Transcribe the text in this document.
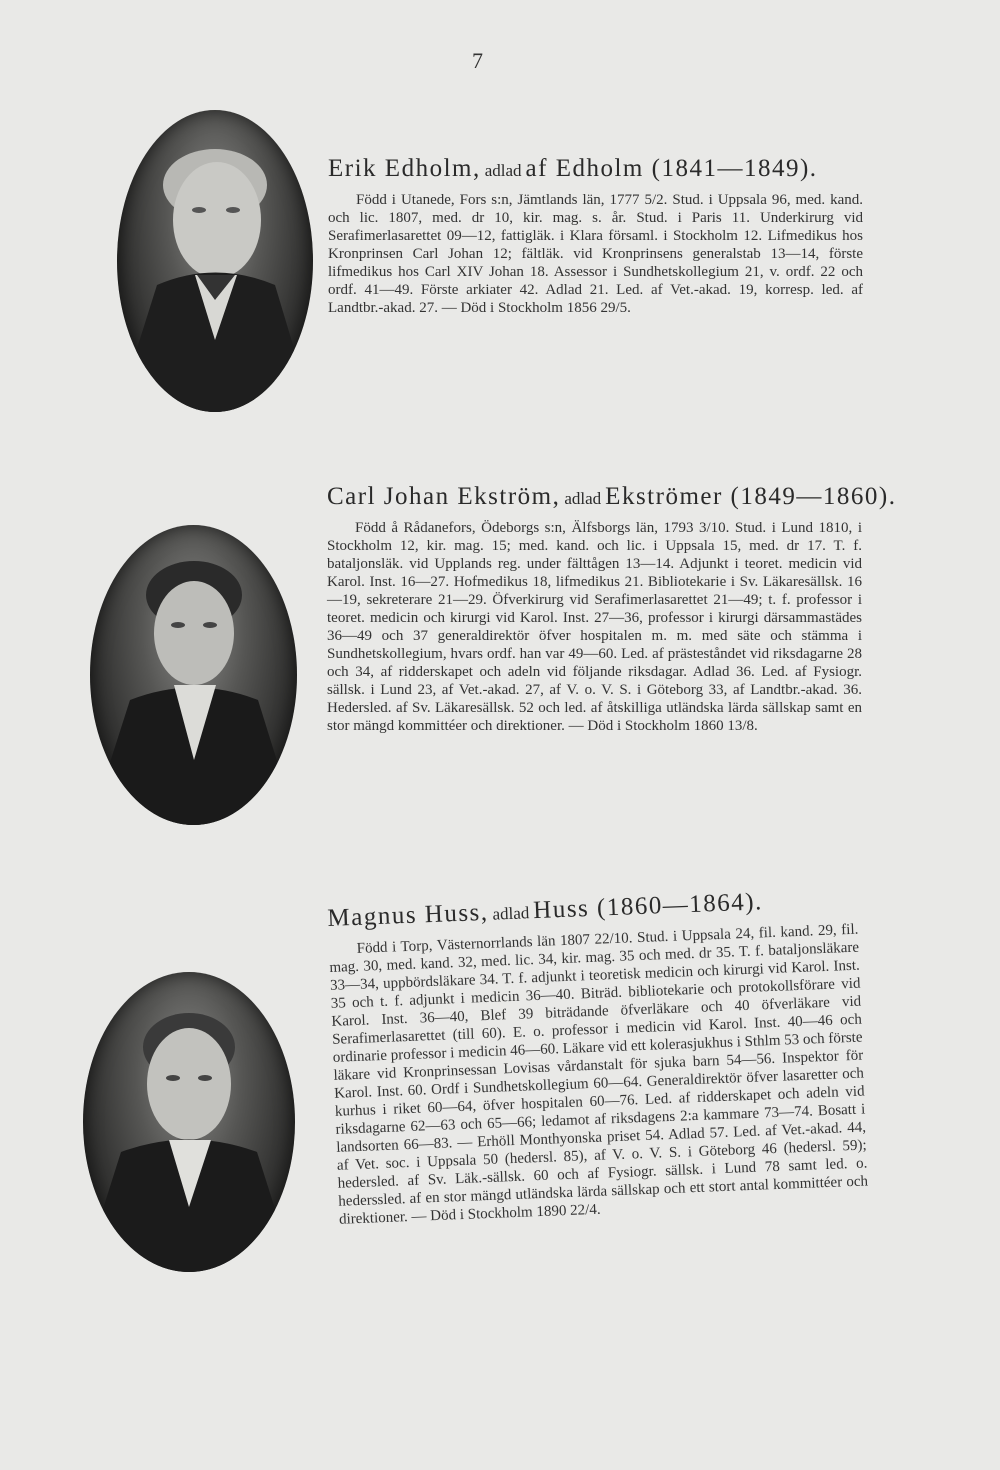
7
Erik Edholm, adlad af Edholm (1841—1849).

Född i Utanede, Fors s:n, Jämtlands län, 1777 5/2. Stud. i Uppsala 96, med. kand. och lic. 1807, med. dr 10, kir. mag. s. år. Stud. i Paris 11. Underkirurg vid Serafimerlasarettet 09—12, fattigläk. i Klara församl. i Stockholm 12. Lifmedikus hos Kronprinsen Carl Johan 12; fältläk. vid Kronprinsens generalstab 13—14, förste lifmedikus hos Carl XIV Johan 18. Assessor i Sundhetskollegium 21, v. ordf. 22 och ordf. 41—49. Förste arkiater 42. Adlad 21. Led. af Vet.-akad. 19, korresp. led. af Landtbr.-akad. 27. — Död i Stockholm 1856 29/5.

Carl Johan Ekström, adlad Ekströmer (1849—1860).

Född å Rådanefors, Ödeborgs s:n, Älfsborgs län, 1793 3/10. Stud. i Lund 1810, i Stockholm 12, kir. mag. 15; med. kand. och lic. i Uppsala 15, med. dr 17. T. f. bataljonsläk. vid Upplands reg. under fälttågen 13—14. Adjunkt i teoret. medicin vid Karol. Inst. 16—27. Hofmedikus 18, lifmedikus 21. Bibliotekarie i Sv. Läkaresällsk. 16—19, sekreterare 21—29. Öfverkirurg vid Serafimerlasarettet 21—49; t. f. professor i teoret. medicin och kirurgi vid Karol. Inst. 27—36, professor i kirurgi därsammastädes 36—49 och 37 generaldirektör öfver hospitalen m. m. med säte och stämma i Sundhetskollegium, hvars ordf. han var 49—60. Led. af prästeståndet vid riksdagarne 28 och 34, af ridderskapet och adeln vid följande riksdagar. Adlad 36. Led. af Fysiogr. sällsk. i Lund 23, af Vet.-akad. 27, af V. o. V. S. i Göteborg 33, af Landtbr.-akad. 36. Hedersled. af Sv. Läkaresällsk. 52 och led. af åtskilliga utländska lärda sällskap samt en stor mängd kommittéer och direktioner. — Död i Stockholm 1860 13/8.

Magnus Huss, adlad Huss (1860—1864).

Född i Torp, Västernorrlands län 1807 22/10. Stud. i Uppsala 24, fil. kand. 29, fil. mag. 30, med. kand. 32, med. lic. 34, kir. mag. 35 och med. dr 35. T. f. bataljonsläkare 33—34, uppbördsläkare 34. T. f. adjunkt i teoretisk medicin och kirurgi vid Karol. Inst. 35 och t. f. adjunkt i medicin 36—40. Biträd. bibliotekarie och protokollsförare vid Karol. Inst. 36—40, Blef 39 biträdande öfverläkare och 40 öfverläkare vid Serafimerlasarettet (till 60). E. o. professor i medicin vid Karol. Inst. 40—46 och ordinarie professor i medicin 46—60. Läkare vid ett kolerasjukhus i Sthlm 53 och förste läkare vid Kronprinsessan Lovisas vårdanstalt för sjuka barn 54—56. Inspektor för Karol. Inst. 60. Ordf i Sundhetskollegium 60—64. Generaldirektör öfver lasaretter och kurhus i riket 60—64, öfver hospitalen 60—76. Led. af ridderskapet och adeln vid riksdagarne 62—63 och 65—66; ledamot af riksdagens 2:a kammare 73—74. Bosatt i landsorten 66—83. — Erhöll Monthyonska priset 54. Adlad 57. Led. af Vet.-akad. 44, af Vet. soc. i Uppsala 50 (hedersl. 85), af V. o. V. S. i Göteborg 46 (hedersl. 59); hedersled. af Sv. Läk.-sällsk. 60 och af Fysiogr. sällsk. i Lund 78 samt led. o. hederssled. af en stor mängd utländska lärda sällskap och ett stort antal kommittéer och direktioner. — Död i Stockholm 1890 22/4.
